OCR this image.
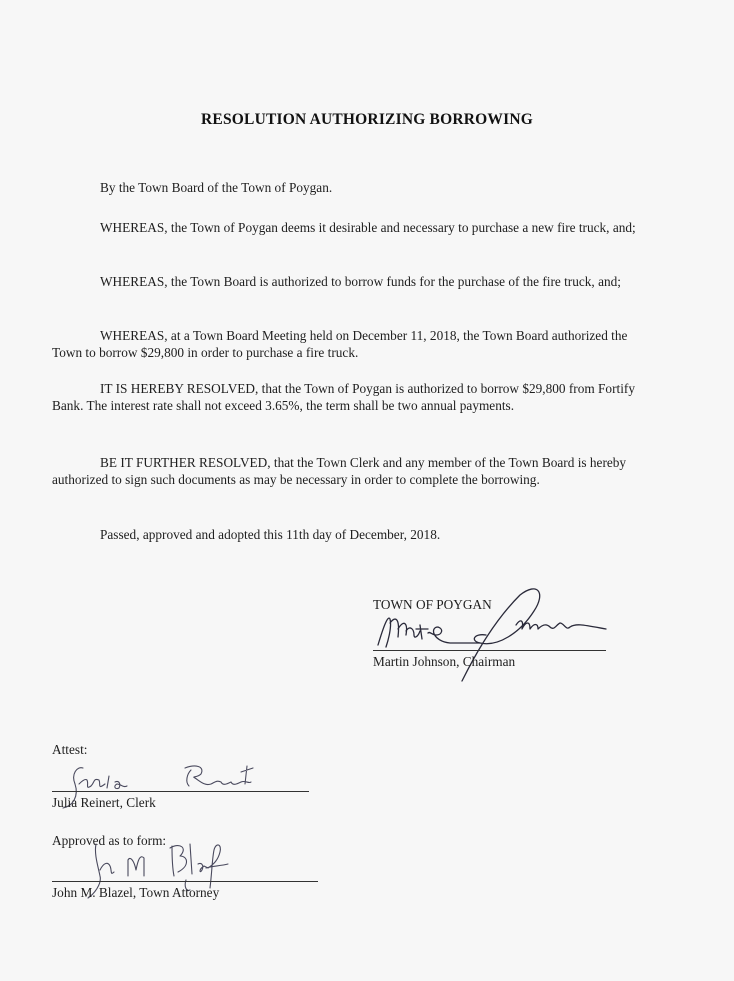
RESOLUTION AUTHORIZING BORROWING
By the Town Board of the Town of Poygan.
WHEREAS, the Town of Poygan deems it desirable and necessary to purchase a new fire truck, and;
WHEREAS, the Town Board is authorized to borrow funds for the purchase of the fire truck, and;
WHEREAS, at a Town Board Meeting held on December 11, 2018, the Town Board authorized the Town to borrow $29,800 in order to purchase a fire truck.
IT IS HEREBY RESOLVED, that the Town of Poygan is authorized to borrow $29,800 from Fortify Bank. The interest rate shall not exceed 3.65%, the term shall be two annual payments.
BE IT FURTHER RESOLVED, that the Town Clerk and any member of the Town Board is hereby authorized to sign such documents as may be necessary in order to complete the borrowing.
Passed, approved and adopted this 11th day of December, 2018.
TOWN OF POYGAN
Martin Johnson, Chairman
Attest:
Julia Reinert, Clerk
Approved as to form:
John M. Blazel, Town Attorney
